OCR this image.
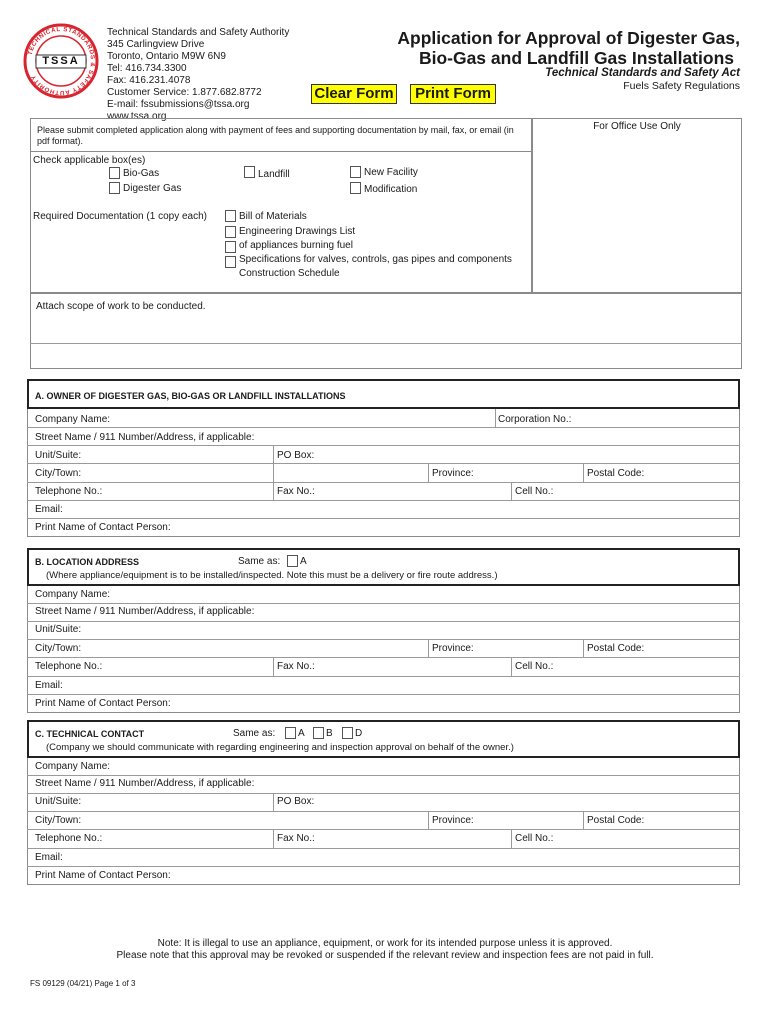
TECHNICAL STANDARDS & SAFETY AUTHORITY
TSSA
Technical Standards and Safety Authority
345 Carlingview Drive
Toronto, Ontario M9W 6N9
Tel: 416.734.3300
Fax: 416.231.4078
Customer Service: 1.877.682.8772
E-mail: fssubmissions@tssa.org
www.tssa.org
Clear Form	Print Form
Application for Approval of Digester Gas,
Bio-Gas and Landfill Gas Installations
Technical Standards and Safety Act
Fuels Safety Regulations
Please submit completed application along with payment of fees and supporting documentation by mail, fax, or email (in pdf format).
For Office Use Only
Check applicable box(es)
Bio-Gas
Digester Gas
Landfill	New Facility
Modification
Required Documentation (1 copy each)	Bill of Materials
Engineering Drawings List
of appliances burning fuel
Specifications for valves, controls, gas pipes and components
Construction Schedule
Attach scope of work to be conducted.
A. OWNER OF DIGESTER GAS, BIO-GAS OR LANDFILL INSTALLATIONS
Company Name:	Corporation No.:
Street Name / 911 Number/Address, if applicable:
Unit/Suite:	PO Box:
City/Town:	Province:	Postal Code:
Telephone No.:	Fax No.:	Cell No.:
Email:
Print Name of Contact Person:
B. LOCATION ADDRESS	Same as: A
(Where appliance/equipment is to be installed/inspected. Note this must be a delivery or fire route address.)
Company Name:
Street Name / 911 Number/Address, if applicable:
Unit/Suite:
City/Town:	Province:	Postal Code:
Telephone No.:	Fax No.:	Cell No.:
Email:
Print Name of Contact Person:
C. TECHNICAL CONTACT	Same as: A B D
(Company we should communicate with regarding engineering and inspection approval on behalf of the owner.)
Company Name:
Street Name / 911 Number/Address, if applicable:
Unit/Suite:	PO Box:
City/Town:	Province:	Postal Code:
Telephone No.:	Fax No.:	Cell No.:
Email:
Print Name of Contact Person:
Note: It is illegal to use an appliance, equipment, or work for its intended purpose unless it is approved.
Please note that this approval may be revoked or suspended if the relevant review and inspection fees are not paid in full.
FS 09129 (04/21) Page 1 of 3
